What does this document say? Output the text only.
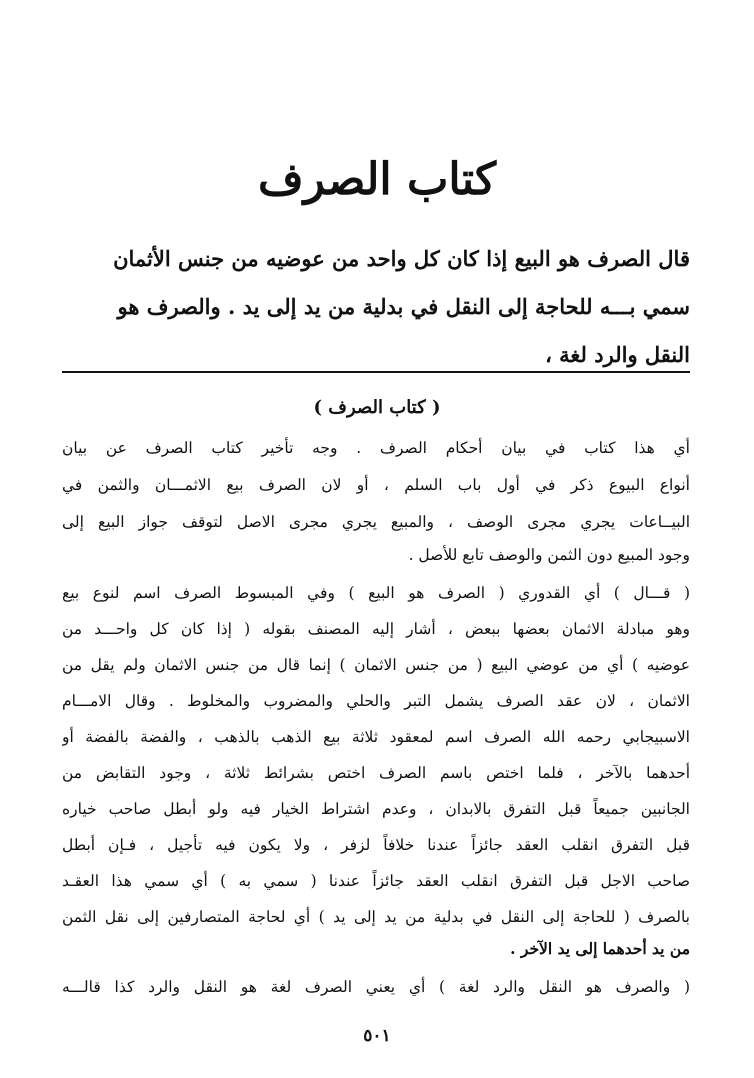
كتاب الصرف
قال الصرف هو البيع إذا كان كل واحد من عوضيه من جنس الأثمان
سمي بـــه للحاجة إلى النقل في بدلية من يد إلى يد . والصرف هو
النقل والرد لغة ،
( كتاب الصرف )
أي هذا كتاب في بيان أحكام الصرف . وجه تأخير كتاب الصرف عن بيان
أنواع البيوع ذكر في أول باب السلم ، أو لان الصرف بيع الاثمـــان والثمن في
البيــاعات يجري مجرى الوصف ، والمبيع يجري مجرى الاصل لتوقف جواز البيع إلى
وجود المبيع دون الثمن والوصف تابع للأصل .
( قـــال ) أي القدوري ( الصرف هو البيع ) وفي المبسوط الصرف اسم لنوع بيع
وهو مبادلة الاثمان بعضها ببعض ، أشار إليه المصنف بقوله ( إذا كان كل واحـــد من
عوضيه ) أي من عوضي البيع ( من جنس الاثمان ) إنما قال من جنس الاثمان ولم يقل من
الاثمان ، لان عقد الصرف يشمل التبر والحلي والمضروب والمخلوط . وقال الامـــام
الاسبيجابي رحمه الله الصرف اسم لمعقود ثلاثة بيع الذهب بالذهب ، والفضة بالفضة أو
أحدهما بالآخر ، فلما اختص باسم الصرف اختص بشرائط ثلاثة ، وجود التقابض من
الجانبين جميعاً قبل التفرق بالابدان ، وعدم اشتراط الخيار فيه ولو أبطل صاحب خياره
قبل التفرق انقلب العقد جائزاً عندنا خلافاً لزفر ، ولا يكون فيه تأجيل ، فـإن أبطل
صاحب الاجل قبل التفرق انقلب العقد جائزاً عندنا ( سمي به ) أي سمي هذا العقـد
بالصرف ( للحاجة إلى النقل في بدلية من يد إلى يد ) أي لحاجة المتصارفين إلى نقل الثمن
من يد أحدهما إلى يد الآخر .
( والصرف هو النقل والرد لغة ) أي يعني الصرف لغة هو النقل والرد كذا قالـــه
٥٠١
